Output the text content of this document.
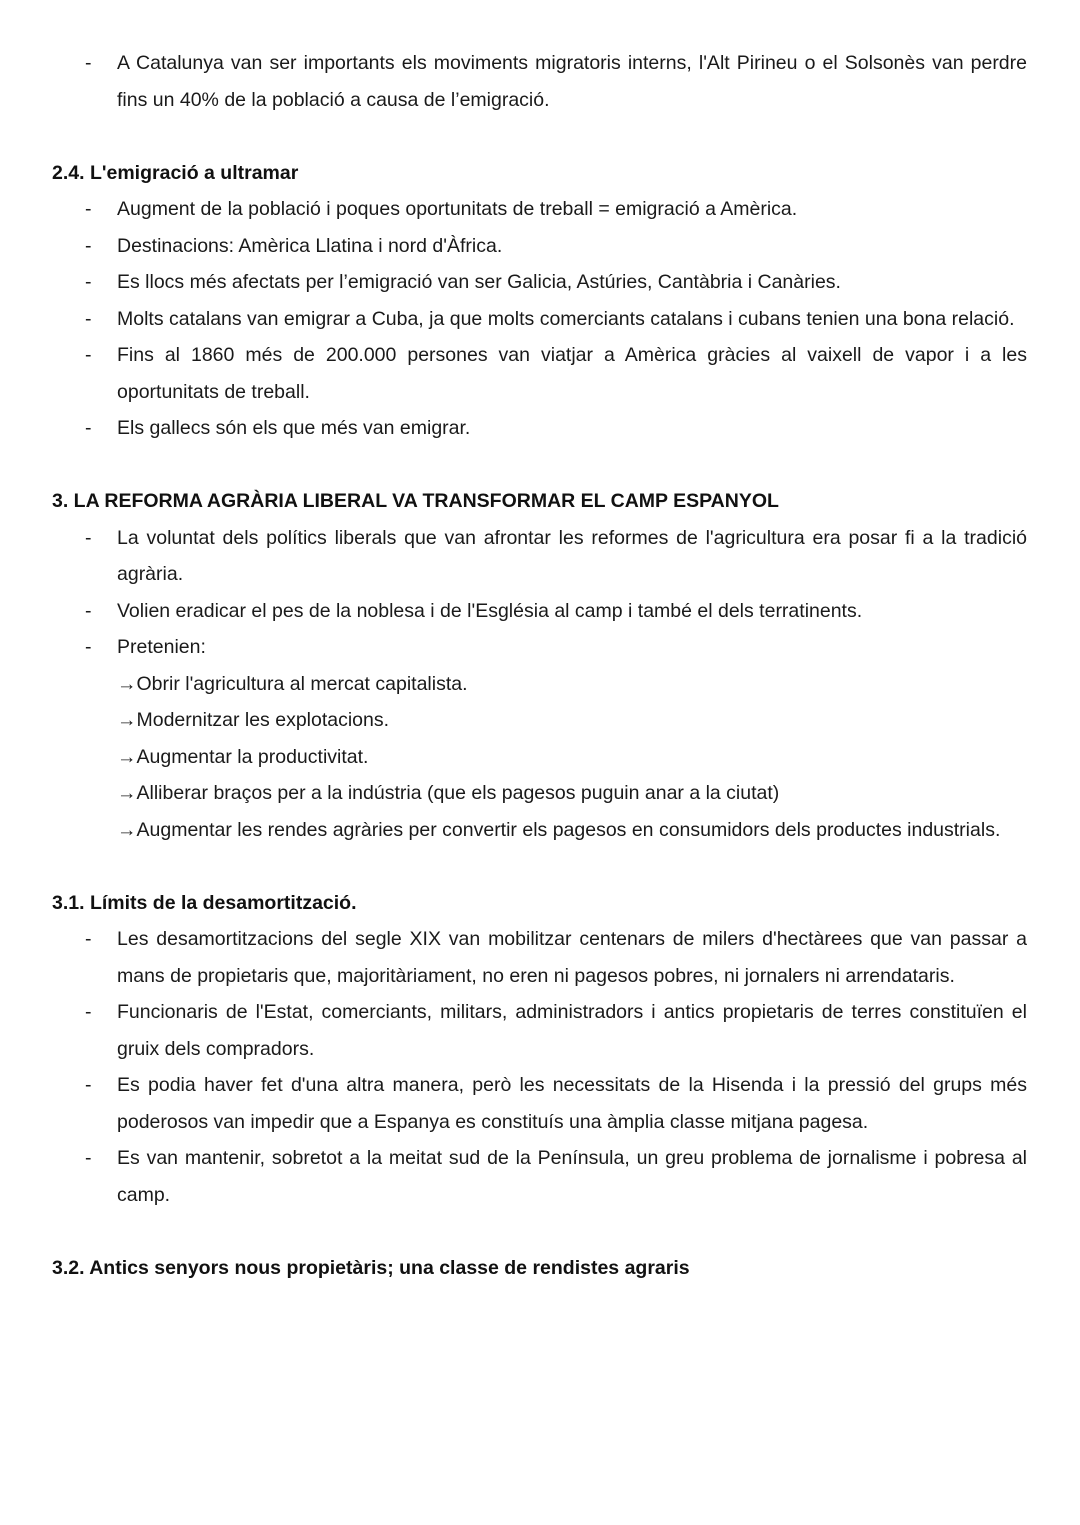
- A Catalunya van ser importants els moviments migratoris interns, l'Alt Pirineu o el Solsonès van perdre fins un 40% de la població a causa de l’emigració.
2.4. L'emigració a ultramar
- Augment de la població i poques oportunitats de treball = emigració a Amèrica.
- Destinacions: Amèrica Llatina i nord d'Àfrica.
- Es llocs més afectats per l’emigració van ser Galicia, Astúries, Cantàbria i Canàries.
- Molts catalans van emigrar a Cuba, ja que molts comerciants catalans i cubans tenien una bona relació.
- Fins al 1860 més de 200.000 persones van viatjar a Amèrica gràcies al vaixell de vapor i a les oportunitats de treball.
- Els gallecs són els que més van emigrar.
3. LA REFORMA AGRÀRIA LIBERAL VA TRANSFORMAR EL CAMP ESPANYOL
- La voluntat dels polítics liberals que van afrontar les reformes de l'agricultura era posar fi a la tradició agrària.
- Volien eradicar el pes de la noblesa i de l'Església al camp i també el dels terratinents.
- Pretenien:
→Obrir l'agricultura al mercat capitalista.
→Modernitzar les explotacions.
→Augmentar la productivitat.
→Alliberar braços per a la indústria (que els pagesos puguin anar a la ciutat)
→Augmentar les rendes agràries per convertir els pagesos en consumidors dels productes industrials.
3.1. Límits de la desamortització.
- Les desamortitzacions del segle XIX van mobilitzar centenars de milers d'hectàrees que van passar a mans de propietaris que, majoritàriament, no eren ni pagesos pobres, ni jornalers ni arrendataris.
- Funcionaris de l'Estat, comerciants, militars, administradors i antics propietaris de terres constituïen el gruix dels compradors.
- Es podia haver fet d'una altra manera, però les necessitats de la Hisenda i la pressió del grups més poderosos van impedir que a Espanya es constituís una àmplia classe mitjana pagesa.
- Es van mantenir, sobretot a la meitat sud de la Península, un greu problema de jornalisme i pobresa al camp.
3.2. Antics senyors nous propietàris; una classe de rendistes agraris
